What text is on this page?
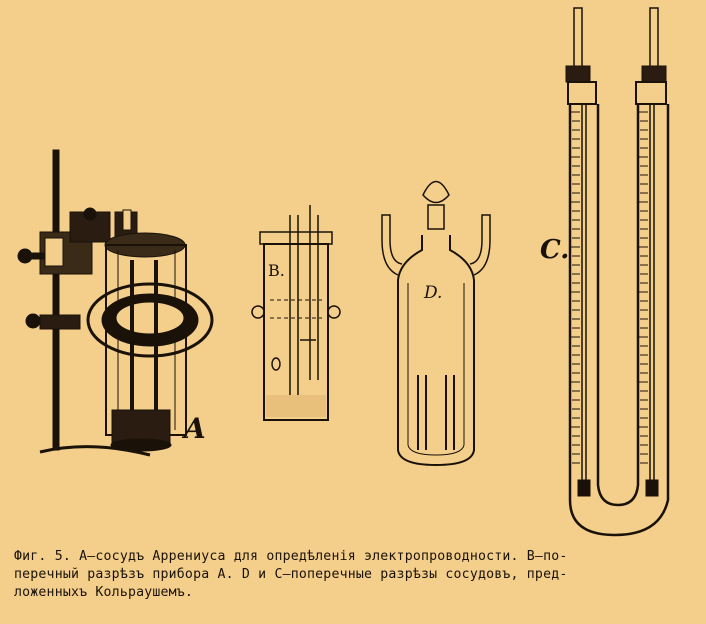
A
B.
D.
C.
Фиг. 5. A—сосудъ Аррениуса для опредѣленія электропроводности. B—по-
перечный разрѣзъ прибора A. D и C—поперечные разрѣзы сосудовъ, пред-
ложенныхъ Кольраушемъ.
